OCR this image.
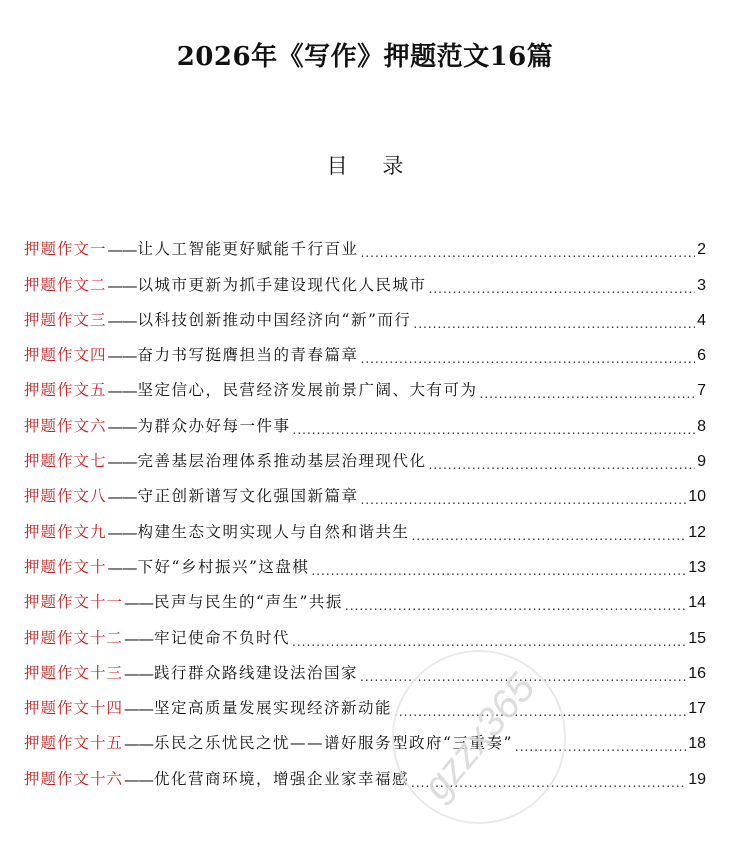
2026年《写作》押题范文16篇
目 录
押题作文一 —— 让人工智能更好赋能千行百业 .....	2
押题作文二 —— 以城市更新为抓手建设现代化人民城市 .....	3
押题作文三 —— 以科技创新推动中国经济向“新”而行 .....	4
押题作文四 —— 奋力书写挺膺担当的青春篇章 .....	6
押题作文五 —— 坚定信心，民营经济发展前景广阔、大有可为 .....	7
押题作文六 —— 为群众办好每一件事 .....	8
押题作文七 —— 完善基层治理体系推动基层治理现代化 .....	9
押题作文八 —— 守正创新谱写文化强国新篇章 .....	10
押题作文九 —— 构建生态文明实现人与自然和谐共生 .....	12
押题作文十 —— 下好“乡村振兴”这盘棋 .....	13
押题作文十一 —— 民声与民生的“声生”共振 .....	14
押题作文十二 —— 牢记使命不负时代 .....	15
押题作文十三 —— 践行群众路线建设法治国家 .....	16
押题作文十四 —— 坚定高质量发展实现经济新动能 .....	17
押题作文十五 —— 乐民之乐忧民之忧——谱好服务型政府“三重奏” .....	18
押题作文十六 —— 优化营商环境，增强企业家幸福感 .....	19
gzzx365
